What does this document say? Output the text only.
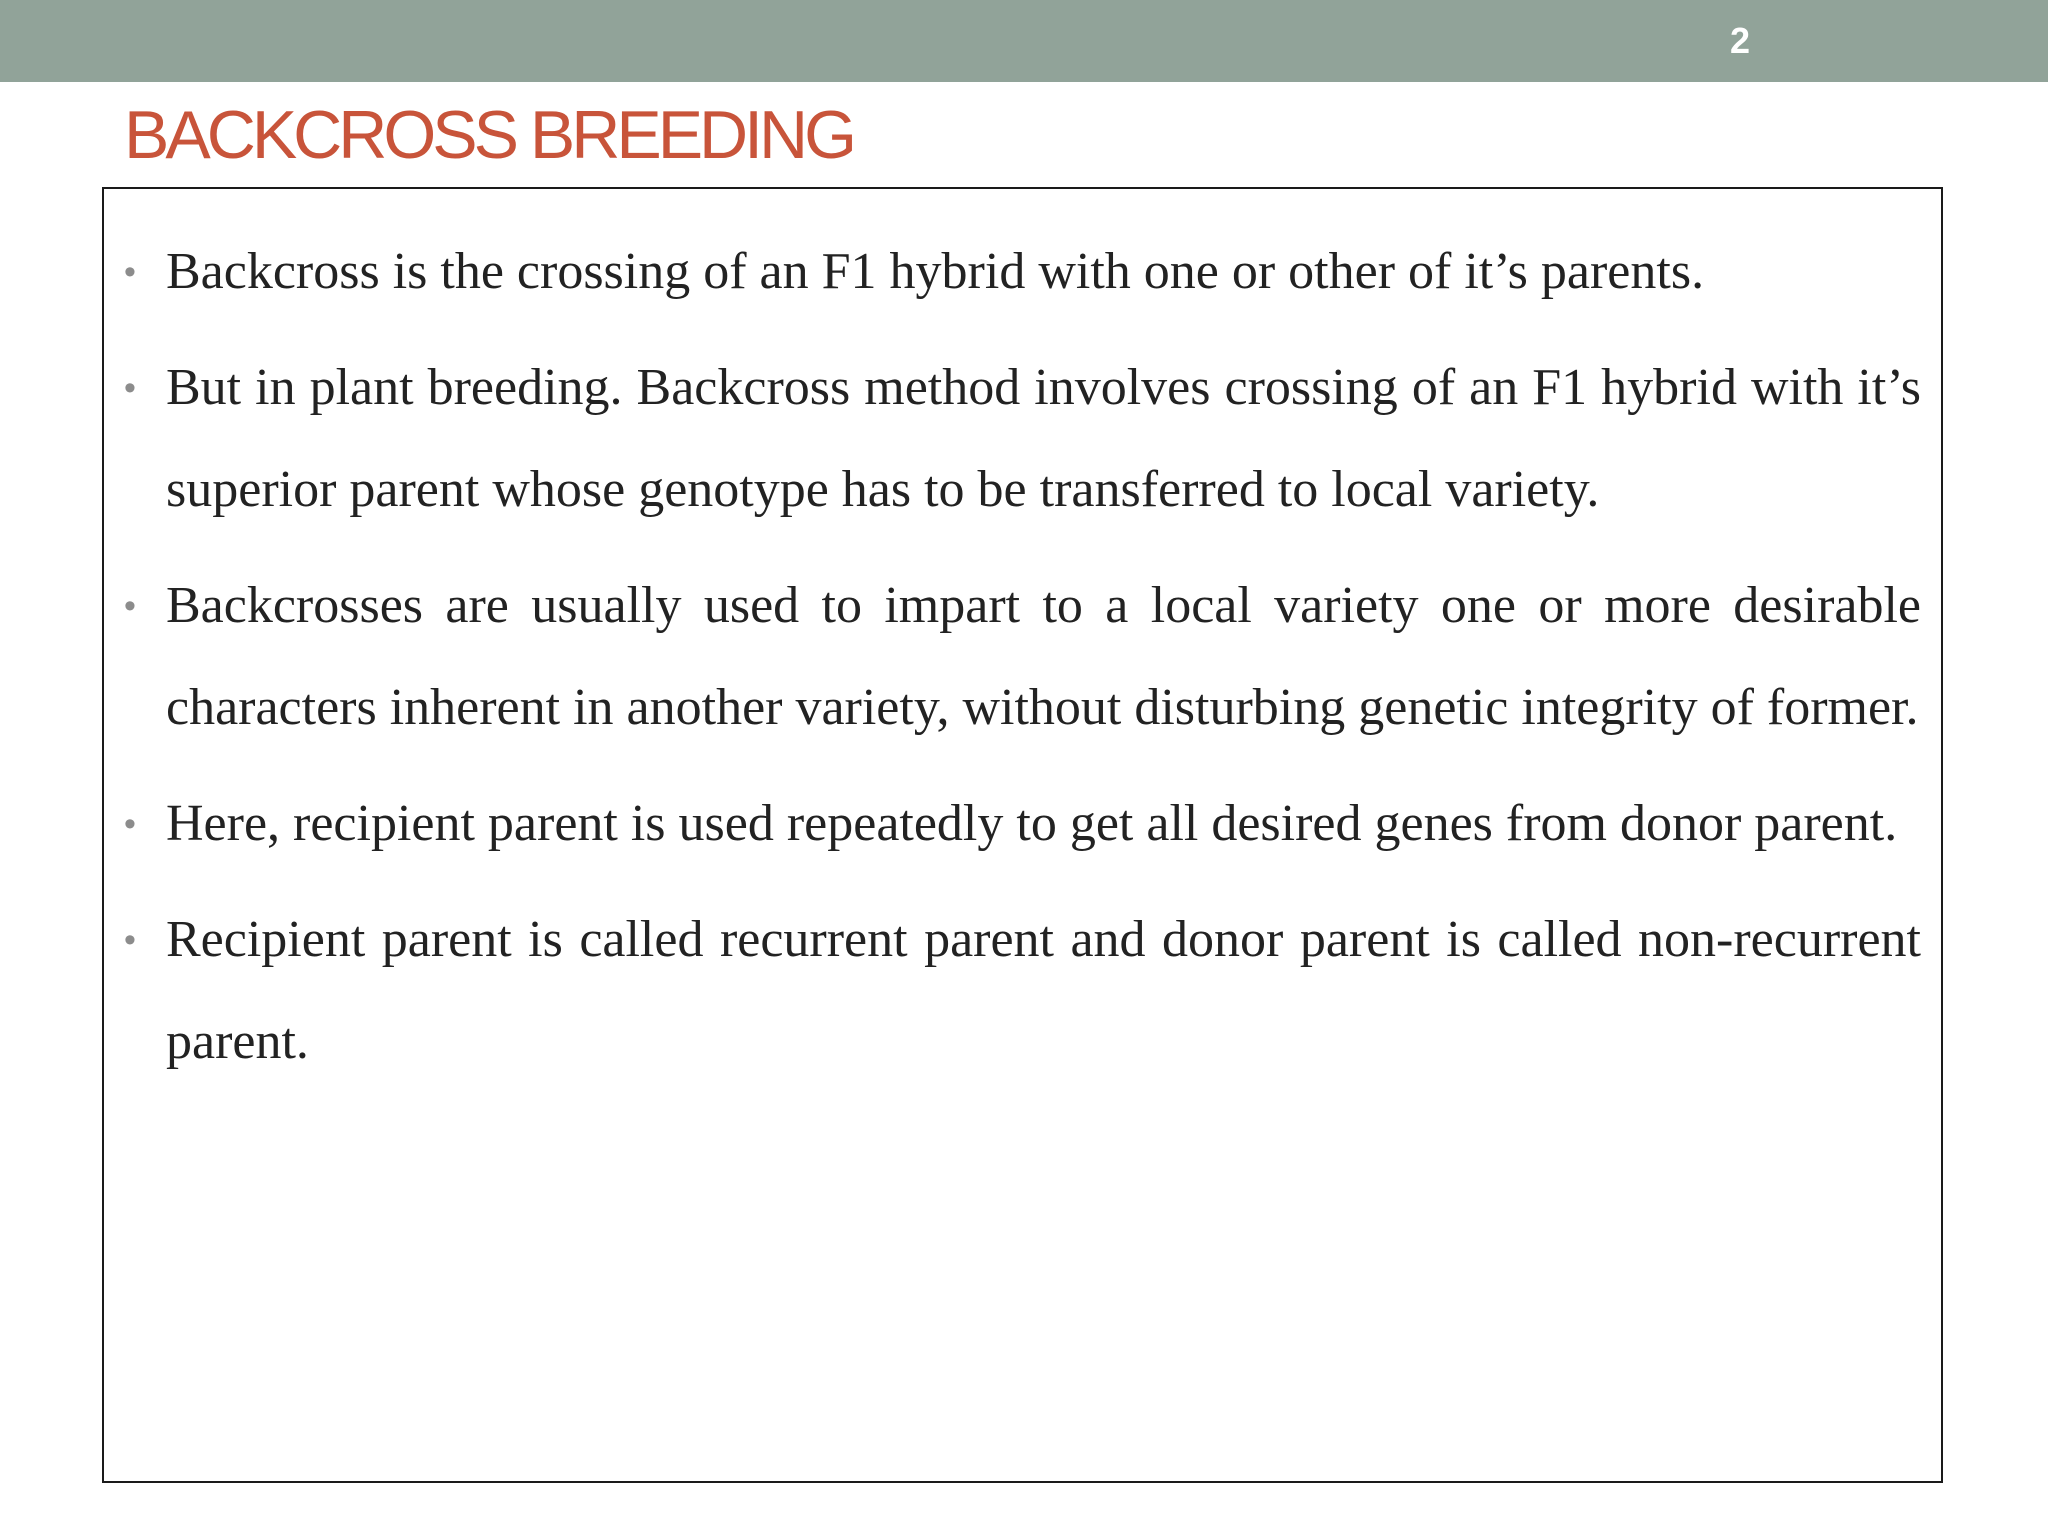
2
BACKCROSS BREEDING
• Backcross is the crossing of an F1 hybrid with one or other of it’s parents.
• But in plant breeding. Backcross method involves crossing of an F1 hybrid with it’s superior parent whose genotype has to be transferred to local variety.
• Backcrosses are usually used to impart to a local variety one or more desirable characters inherent in another variety, without disturbing genetic integrity of former.
• Here, recipient parent is used repeatedly to get all desired genes from donor parent.
• Recipient parent is called recurrent parent and donor parent is called non-recurrent parent.
